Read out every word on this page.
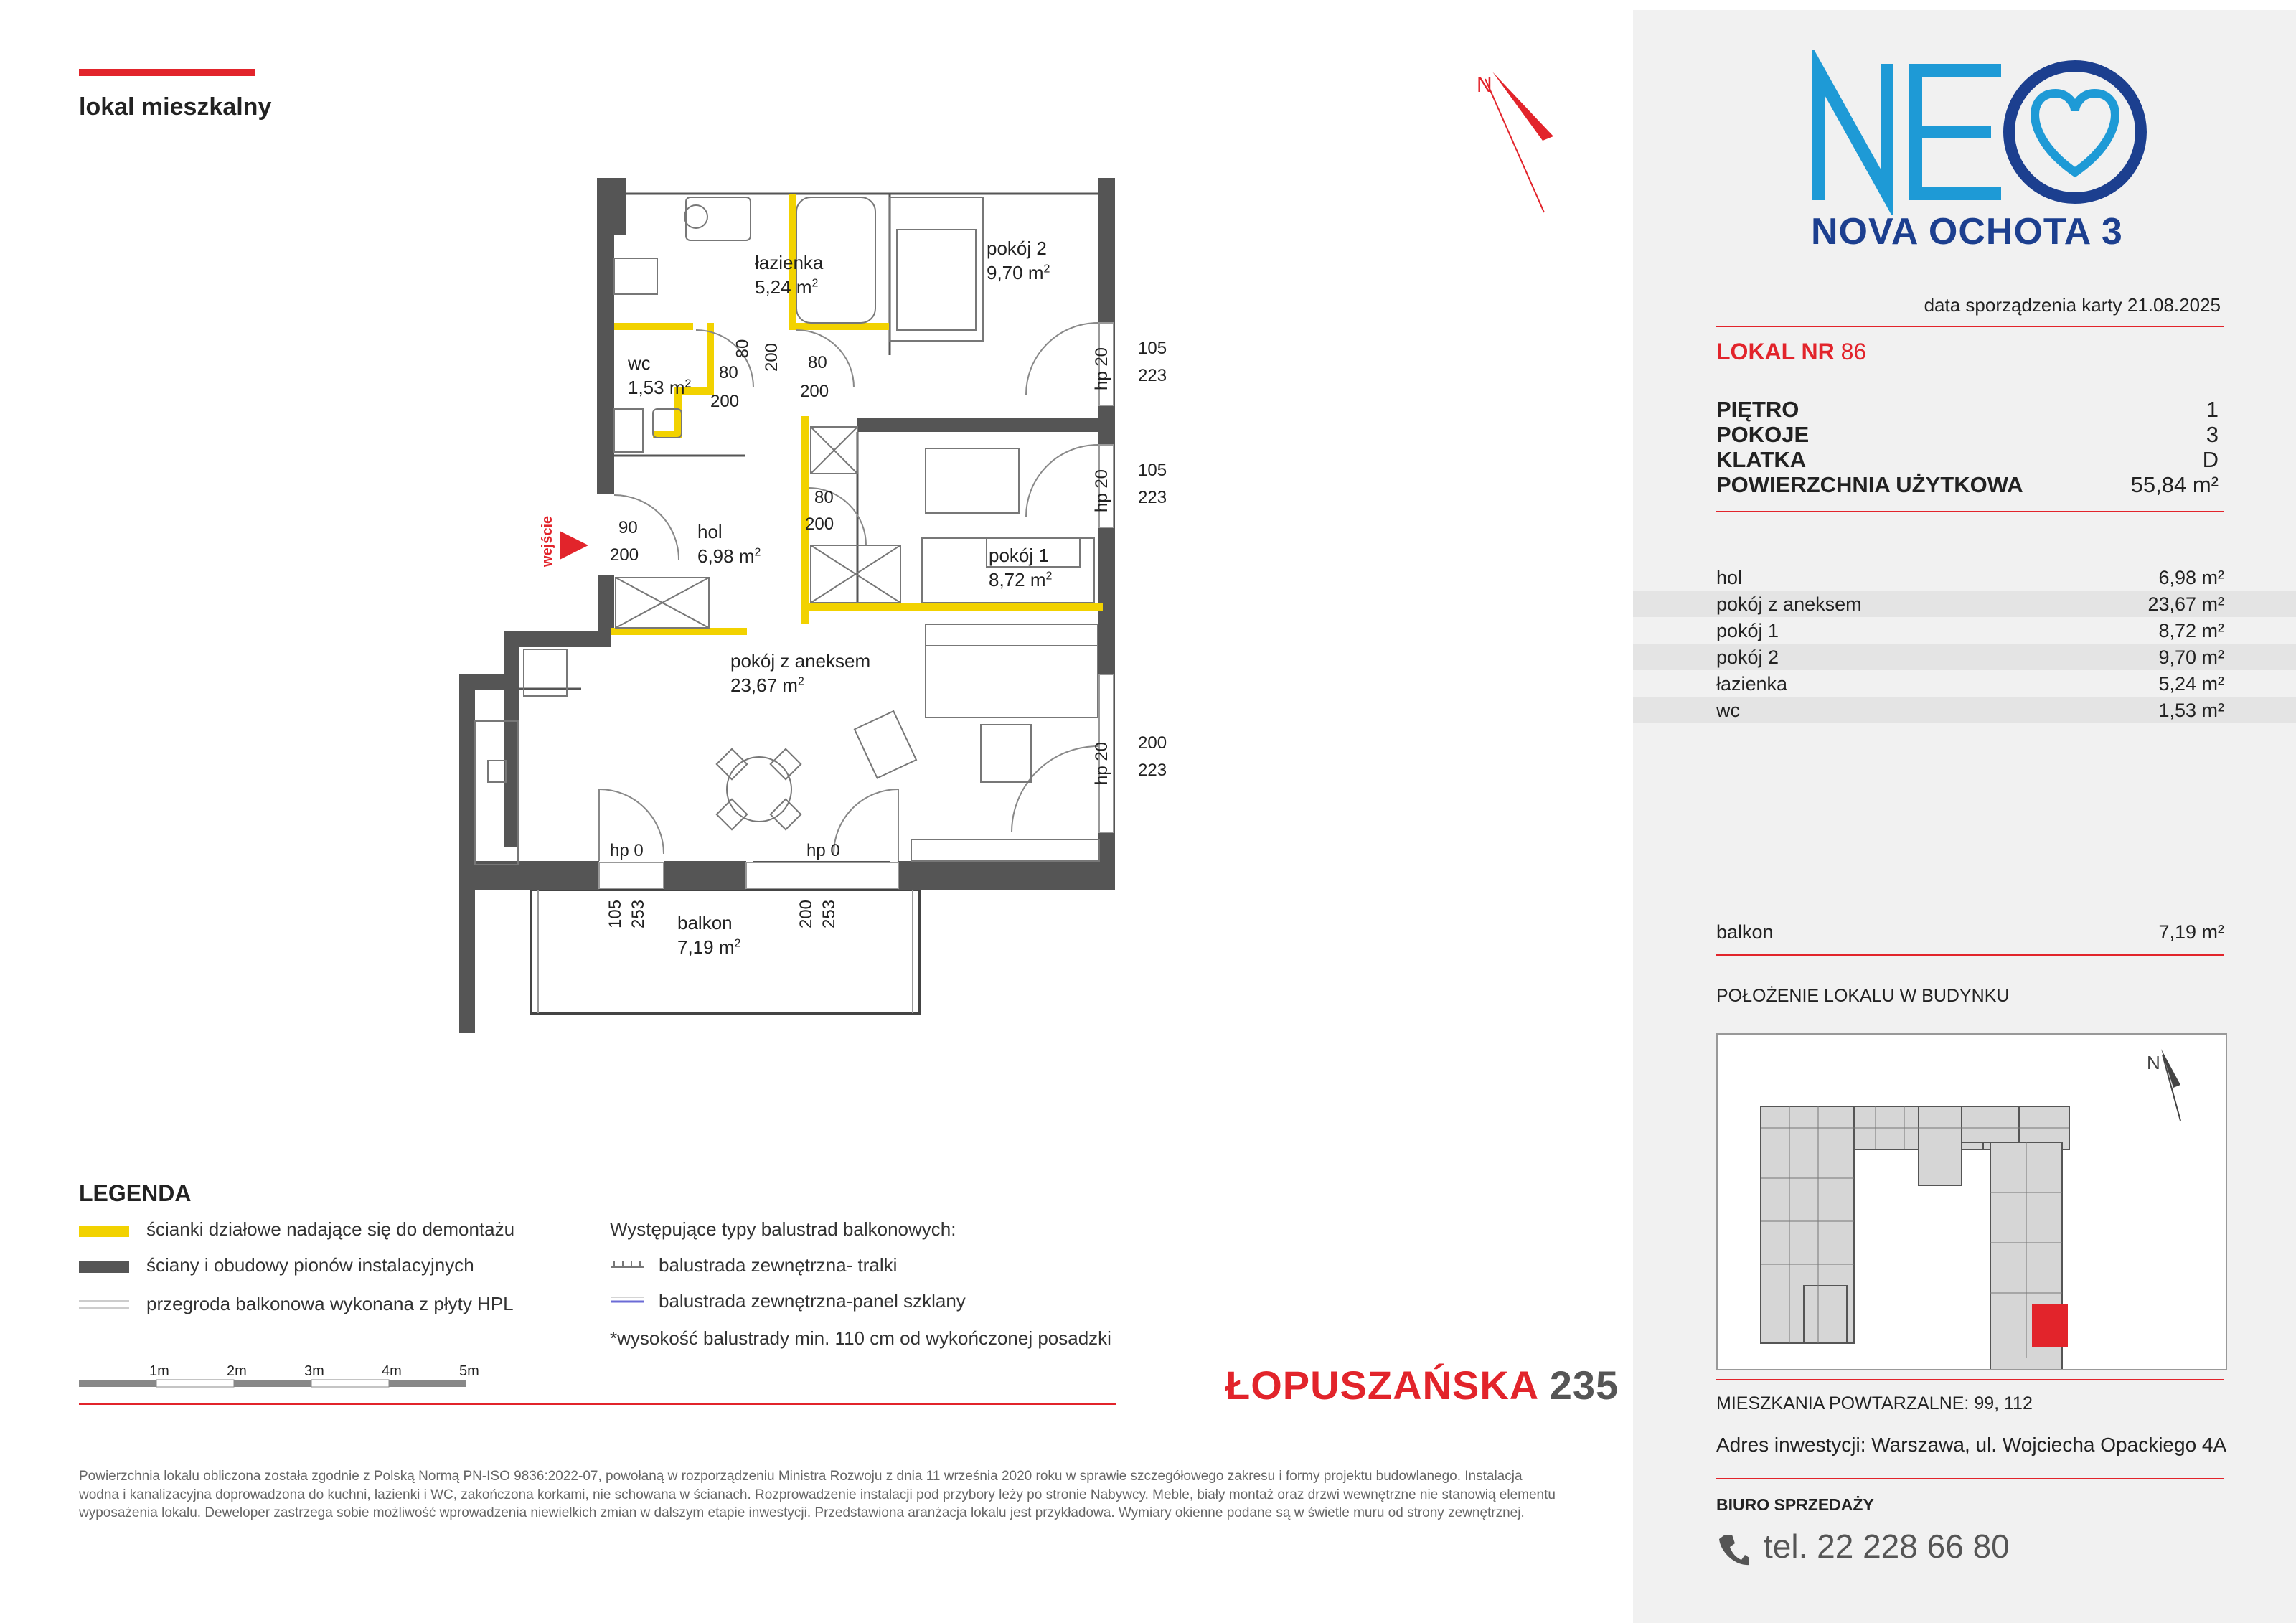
lokal mieszkalny
N
łazienka
5,24 $m^2$
pokój 2
9,70 $m^2$
wc
1,53 $m^2$
hol
6,98 $m^2$	pokój 1
8,72 $m^2$
pokój z aneksem
23,67 $m^2$
balkon
7,19 $m^2$
wejście
80
200
80 200 80
200
80
200
90
200
105
223
hp 20
105
223
hp 20
200
223
hp 20
hp 0	hp 0
105 253	200 253
LEGENDA
ścianki działowe nadające się do demontażu
ściany i obudowy pionów instalacyjnych
przegroda balkonowa wykonana z płyty HPL
Występujące typy balustrad balkonowych:
balustrada zewnętrzna- tralki
balustrada zewnętrzna-panel szklany
*wysokość balustrady min. 110 cm od wykończonej posadzki
1m	2m	3m	4m	5m	ŁOPUSZAŃSKA 235
Powierzchnia lokalu obliczona została zgodnie z Polską Normą PN-ISO 9836:2022-07, powołaną w rozporządzeniu Ministra Rozwoju z dnia 11 września 2020 roku w sprawie szczegółowego zakresu i formy projektu budowlanego. Instalacja wodna i kanalizacyjna doprowadzona do kuchni, łazienki i WC, zakończona korkami, nie schowana w ścianach. Rozprowadzenie instalacji pod przybory leży po stronie Nabywcy. Meble, biały montaż oraz drzwi wewnętrzne nie stanowią elementu wyposażenia lokalu. Deweloper zastrzega sobie możliwość wprowadzenia niewielkich zmian w dalszym etapie inwestycji. Przedstawiona aranżacja lokalu jest przykładowa. Wymiary okienne podane są w świetle muru od strony zewnętrznej.
NOVA OCHOTA 3
data sporządzenia karty 21.08.2025
LOKAL NR 86
PIĘTRO	1
POKOJE	3
KLATKA	D
POWIERZCHNIA UŻYTKOWA	55,84 m²
hol	6,98 m²
pokój z aneksem	23,67 m²
pokój 1	8,72 m²
pokój 2	9,70 m²
łazienka	5,24 m²
wc	1,53 m²
balkon	7,19 m²
POŁOŻENIE LOKALU W BUDYNKU
N
MIESZKANIA POWTARZALNE: 99, 112
Adres inwestycji: Warszawa, ul. Wojciecha Opackiego 4A
BIURO SPRZEDAŻY
tel. 22 228 66 80
